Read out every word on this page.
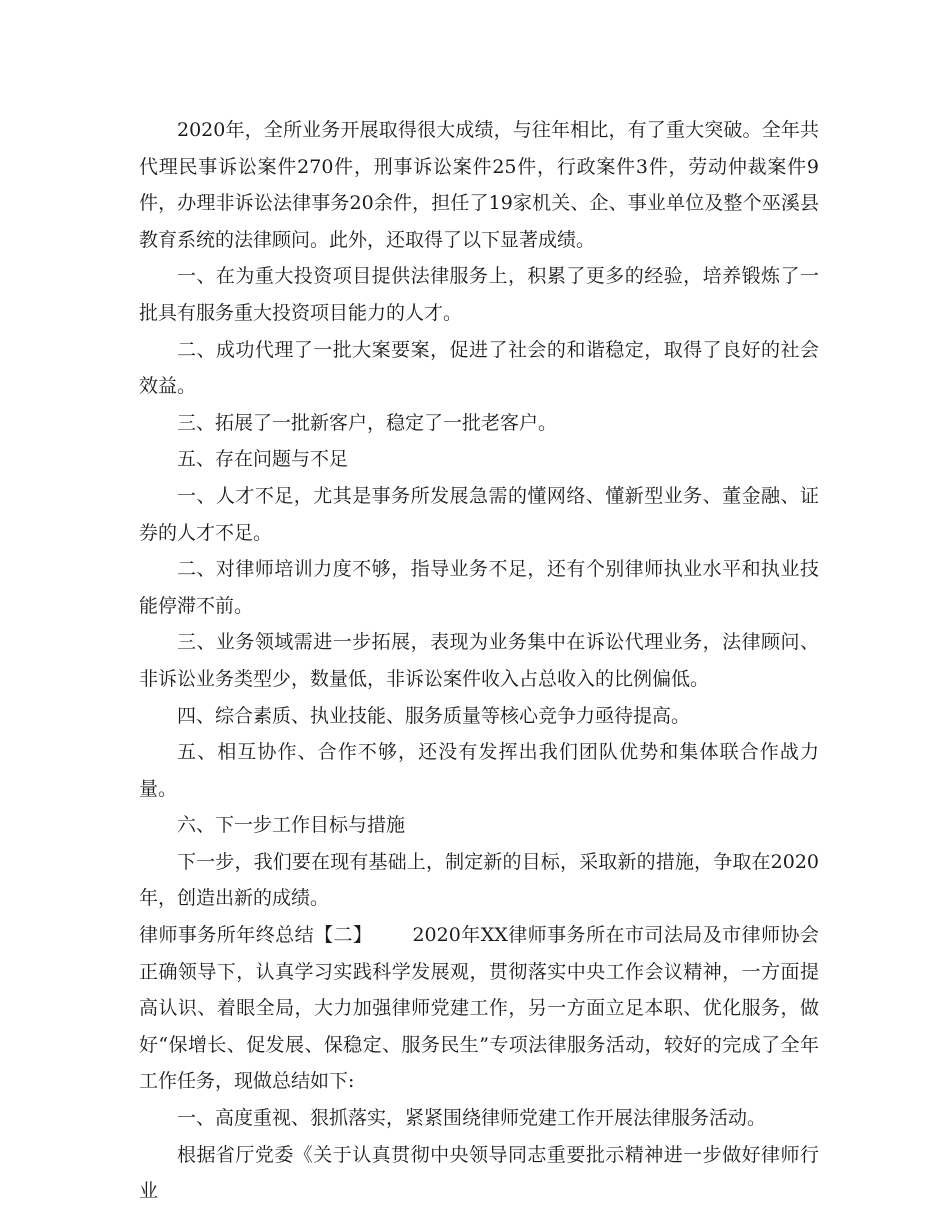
2020年，全所业务开展取得很大成绩，与往年相比，有了重大突破。全年共代理民事诉讼案件270件，刑事诉讼案件25件，行政案件3件，劳动仲裁案件9件，办理非诉讼法律事务20余件，担任了19家机关、企、事业单位及整个巫溪县教育系统的法律顾问。此外，还取得了以下显著成绩。

一、在为重大投资项目提供法律服务上，积累了更多的经验，培养锻炼了一批具有服务重大投资项目能力的人才。

二、成功代理了一批大案要案，促进了社会的和谐稳定，取得了良好的社会效益。

三、拓展了一批新客户，稳定了一批老客户。

五、存在问题与不足

一、人才不足，尤其是事务所发展急需的懂网络、懂新型业务、董金融、证券的人才不足。

二、对律师培训力度不够，指导业务不足，还有个别律师执业水平和执业技能停滞不前。

三、业务领域需进一步拓展，表现为业务集中在诉讼代理业务，法律顾问、非诉讼业务类型少，数量低，非诉讼案件收入占总收入的比例偏低。

四、综合素质、执业技能、服务质量等核心竞争力亟待提高。

五、相互协作、合作不够，还没有发挥出我们团队优势和集体联合作战力量。

六、下一步工作目标与措施

下一步，我们要在现有基础上，制定新的目标，采取新的措施，争取在2020年，创造出新的成绩。

律师事务所年终总结【二】 2020年XX律师事务所在市司法局及市律师协会正确领导下，认真学习实践科学发展观，贯彻落实中央工作会议精神，一方面提高认识、着眼全局，大力加强律师党建工作，另一方面立足本职、优化服务，做好“保增长、促发展、保稳定、服务民生”专项法律服务活动，较好的完成了全年工作任务，现做总结如下:

一、高度重视、狠抓落实，紧紧围绕律师党建工作开展法律服务活动。

根据省厅党委《关于认真贯彻中央领导同志重要批示精神进一步做好律师行业
